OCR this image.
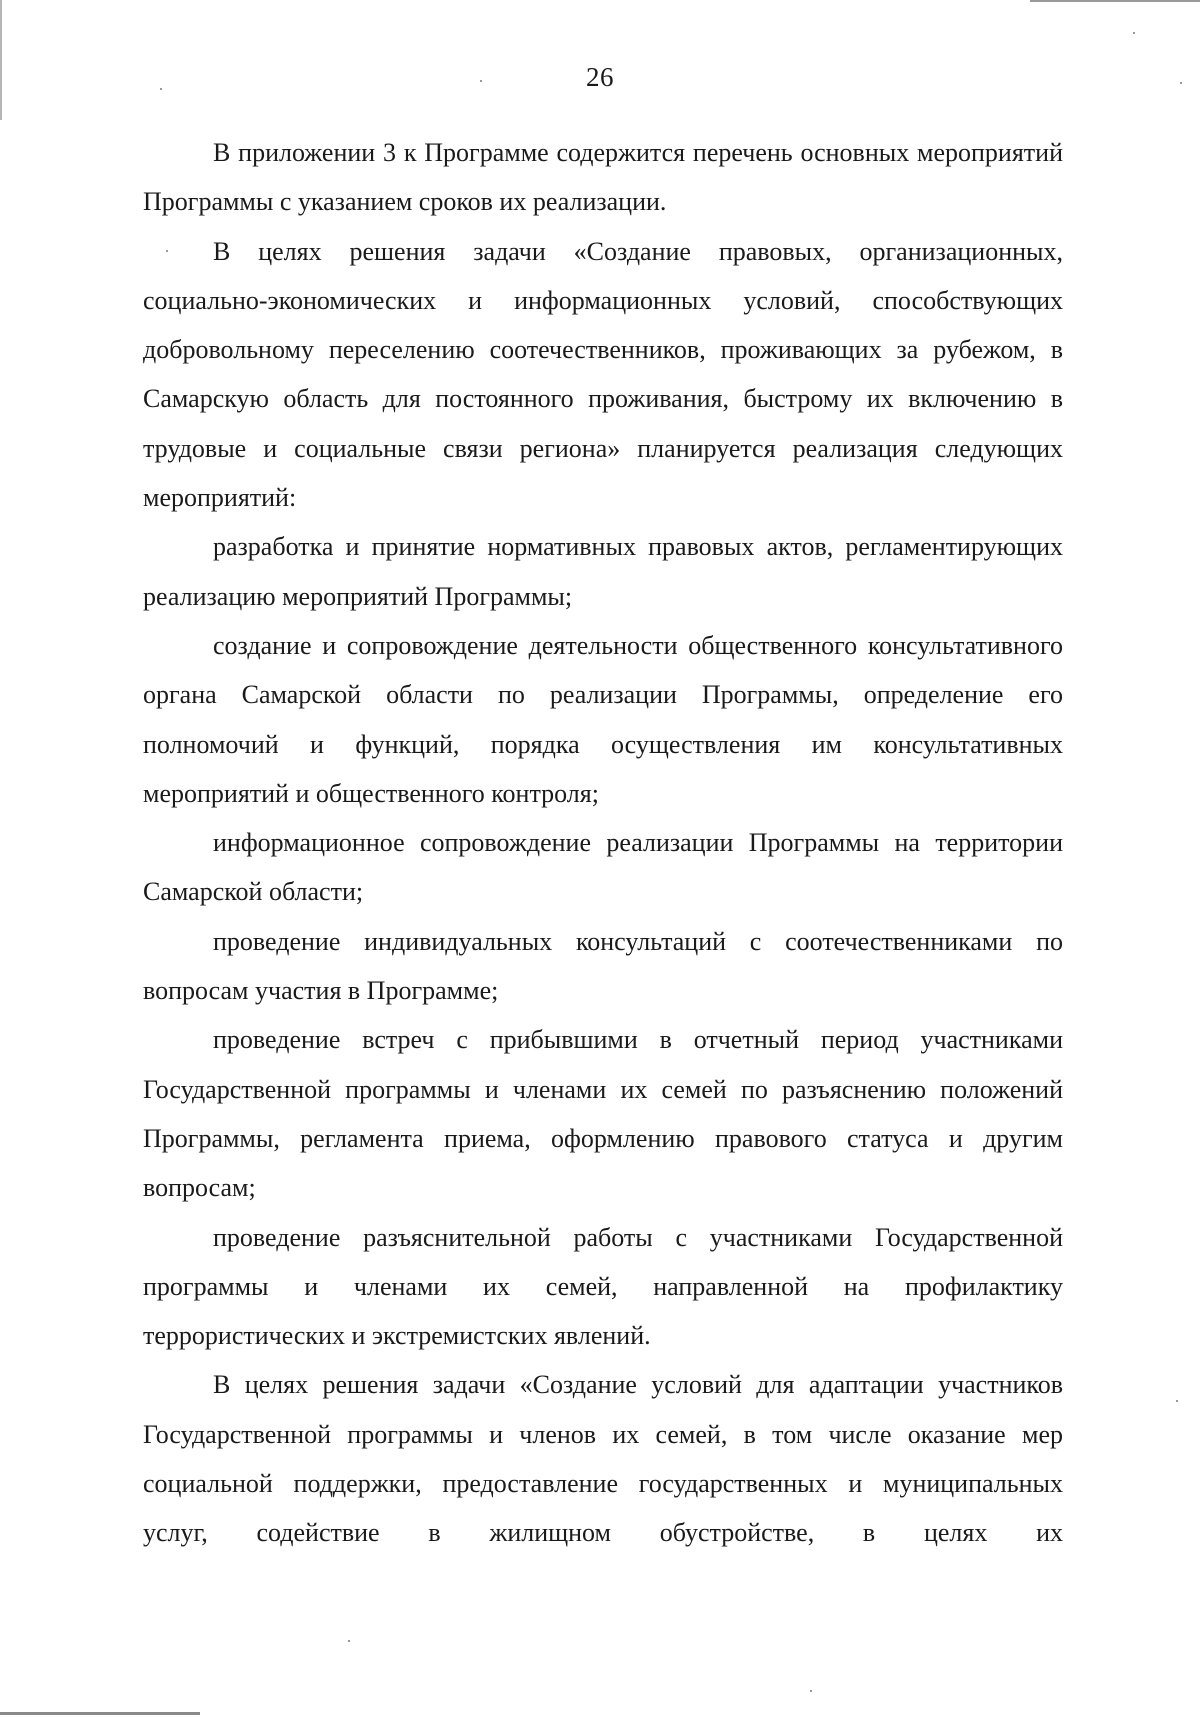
26

В приложении 3 к Программе содержится перечень основных мероприятий Программы с указанием сроков их реализации.

В целях решения задачи «Создание правовых, организационных, социально-экономических и информационных условий, способствующих добровольному переселению соотечественников, проживающих за рубежом, в Самарскую область для постоянного проживания, быстрому их включению в трудовые и социальные связи региона» планируется реализация следующих мероприятий:

разработка и принятие нормативных правовых актов, регламентирующих реализацию мероприятий Программы;

создание и сопровождение деятельности общественного консультативного органа Самарской области по реализации Программы, определение его полномочий и функций, порядка осуществления им консультативных мероприятий и общественного контроля;

информационное сопровождение реализации Программы на территории Самарской области;

проведение индивидуальных консультаций с соотечественниками по вопросам участия в Программе;

проведение встреч с прибывшими в отчетный период участниками Государственной программы и членами их семей по разъяснению положений Программы, регламента приема, оформлению правового статуса и другим вопросам;

проведение разъяснительной работы с участниками Государственной программы и членами их семей, направленной на профилактику террористических и экстремистских явлений.

В целях решения задачи «Создание условий для адаптации участников Государственной программы и членов их семей, в том числе оказание мер социальной поддержки, предоставление государственных и муниципальных услуг, содействие в жилищном обустройстве, в целях их
